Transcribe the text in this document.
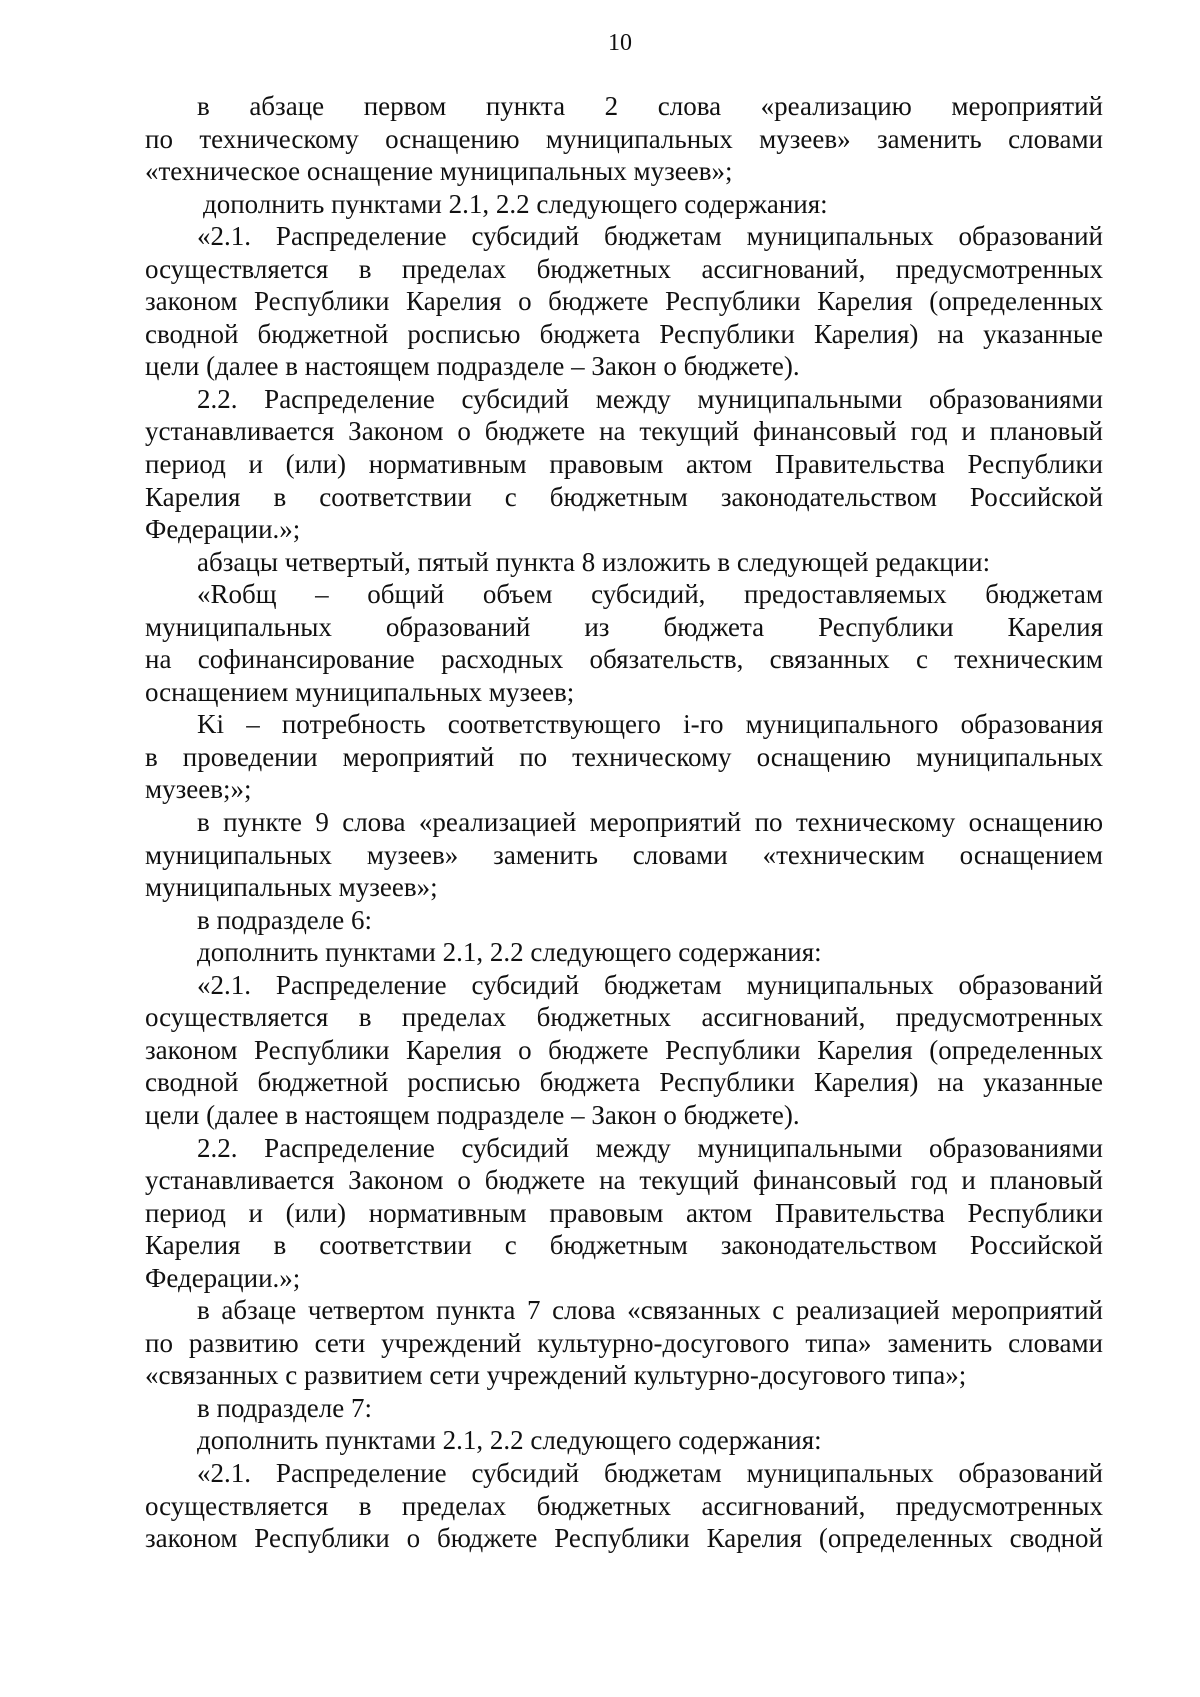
10
в абзаце первом пункта 2 слова «реализацию мероприятий
по техническому оснащению муниципальных музеев» заменить словами
«техническое оснащение муниципальных музеев»;
дополнить пунктами 2.1, 2.2 следующего содержания:
«2.1. Распределение субсидий бюджетам муниципальных образований
осуществляется в пределах бюджетных ассигнований, предусмотренных
законом Республики Карелия о бюджете Республики Карелия (определенных
сводной бюджетной росписью бюджета Республики Карелия) на указанные
цели (далее в настоящем подразделе – Закон о бюджете).
2.2. Распределение субсидий между муниципальными образованиями
устанавливается Законом о бюджете на текущий финансовый год и плановый
период и (или) нормативным правовым актом Правительства Республики
Карелия в соответствии с бюджетным законодательством Российской
Федерации.»;
абзацы четвертый, пятый пункта 8 изложить в следующей редакции:
«Rобщ – общий объем субсидий, предоставляемых бюджетам
муниципальных образований из бюджета Республики Карелия
на софинансирование расходных обязательств, связанных с техническим
оснащением муниципальных музеев;
Ki – потребность соответствующего i-го муниципального образования
в проведении мероприятий по техническому оснащению муниципальных
музеев;»;
в пункте 9 слова «реализацией мероприятий по техническому оснащению
муниципальных музеев» заменить словами «техническим оснащением
муниципальных музеев»;
в подразделе 6:
дополнить пунктами 2.1, 2.2 следующего содержания:
«2.1. Распределение субсидий бюджетам муниципальных образований
осуществляется в пределах бюджетных ассигнований, предусмотренных
законом Республики Карелия о бюджете Республики Карелия (определенных
сводной бюджетной росписью бюджета Республики Карелия) на указанные
цели (далее в настоящем подразделе – Закон о бюджете).
2.2. Распределение субсидий между муниципальными образованиями
устанавливается Законом о бюджете на текущий финансовый год и плановый
период и (или) нормативным правовым актом Правительства Республики
Карелия в соответствии с бюджетным законодательством Российской
Федерации.»;
в абзаце четвертом пункта 7 слова «связанных с реализацией мероприятий
по развитию сети учреждений культурно-досугового типа» заменить словами
«связанных с развитием сети учреждений культурно-досугового типа»;
в подразделе 7:
дополнить пунктами 2.1, 2.2 следующего содержания:
«2.1. Распределение субсидий бюджетам муниципальных образований
осуществляется в пределах бюджетных ассигнований, предусмотренных
законом Республики о бюджете Республики Карелия (определенных сводной
